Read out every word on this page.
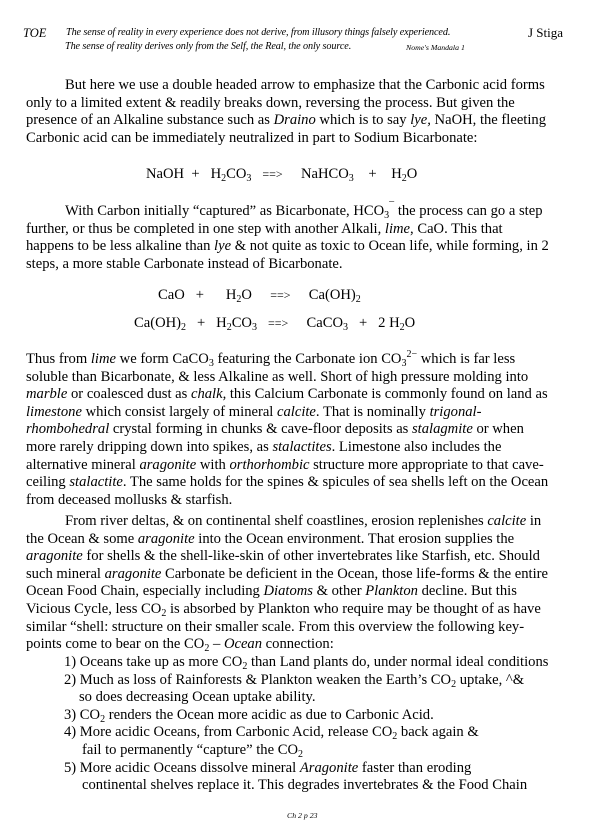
TOE The sense of reality in every experience does not derive, from illusory things falsely experienced.
The sense of reality derives only from the Self, the Real, the only source.	Nome's Mandala 1
J Stiga
But here we use a double headed arrow to emphasize that the Carbonic acid forms
only to a limited extent & readily breaks down, reversing the process. But given the
presence of an Alkaline substance such as Draino which is to say lye, NaOH, the fleeting
Carbonic acid can be immediately neutralized in part to Sodium Bicarbonate:
NaOH + $H_2CO_3$ ==> NaHCO$_3$ + $H_2O$
With Carbon initially “captured” as Bicarbonate, $HCO_3^¯$ the process can go a step
further, or thus be completed in one step with another Alkali, lime, CaO. This that
happens to be less alkaline than lye & not quite as toxic to Ocean life, while forming, in 2
steps, a more stable Carbonate instead of Bicarbonate.
CaO + $H_2O$ ==> $Ca(OH)_2$
$Ca(OH)_2 + H_2CO_3$ ==> CaCO$_3$ + 2 $H_2O$
Thus from lime we form CaCO$_3$ featuring the Carbonate ion $CO_3^{2-}$ which is far less
soluble than Bicarbonate, & less Alkaline as well. Short of high pressure molding into
marble or coalesced dust as chalk, this Calcium Carbonate is commonly found on land as
limestone which consist largely of mineral calcite. That is nominally trigonal-
rhombohedral crystal forming in chunks & cave-floor deposits as stalagmite or when
more rarely dripping down into spikes, as stalactites. Limestone also includes the
alternative mineral aragonite with orthorhombic structure more appropriate to that cave-
ceiling stalactite. The same holds for the spines & spicules of sea shells left on the Ocean
from deceased mollusks & starfish.
From river deltas, & on continental shelf coastlines, erosion replenishes calcite in
the Ocean & some aragonite into the Ocean environment. That erosion supplies the
aragonite for shells & the shell-like-skin of other invertebrates like Starfish, etc. Should
such mineral aragonite Carbonate be deficient in the Ocean, those life-forms & the entire
Ocean Food Chain, especially including Diatoms & other Plankton decline. But this
Vicious Cycle, less $CO_2$ is absorbed by Plankton who require may be thought of as have
similar “shell: structure on their smaller scale. From this overview the following key-
points come to bear on the $CO_2$ – Ocean connection:
1) Oceans take up as more $CO_2$ than Land plants do, under normal ideal conditions
2) Much as loss of Rainforests & Plankton weaken the Earth’s $CO_2$ uptake, ^&
so does decreasing Ocean uptake ability.
3) $CO_2$ renders the Ocean more acidic as due to Carbonic Acid.
4) More acidic Oceans, from Carbonic Acid, release $CO_2$ back again &
fail to permanently “capture” the $CO_2$
5) More acidic Oceans dissolve mineral Aragonite faster than eroding
continental shelves replace it. This degrades invertebrates & the Food Chain
Ch 2 p 23
